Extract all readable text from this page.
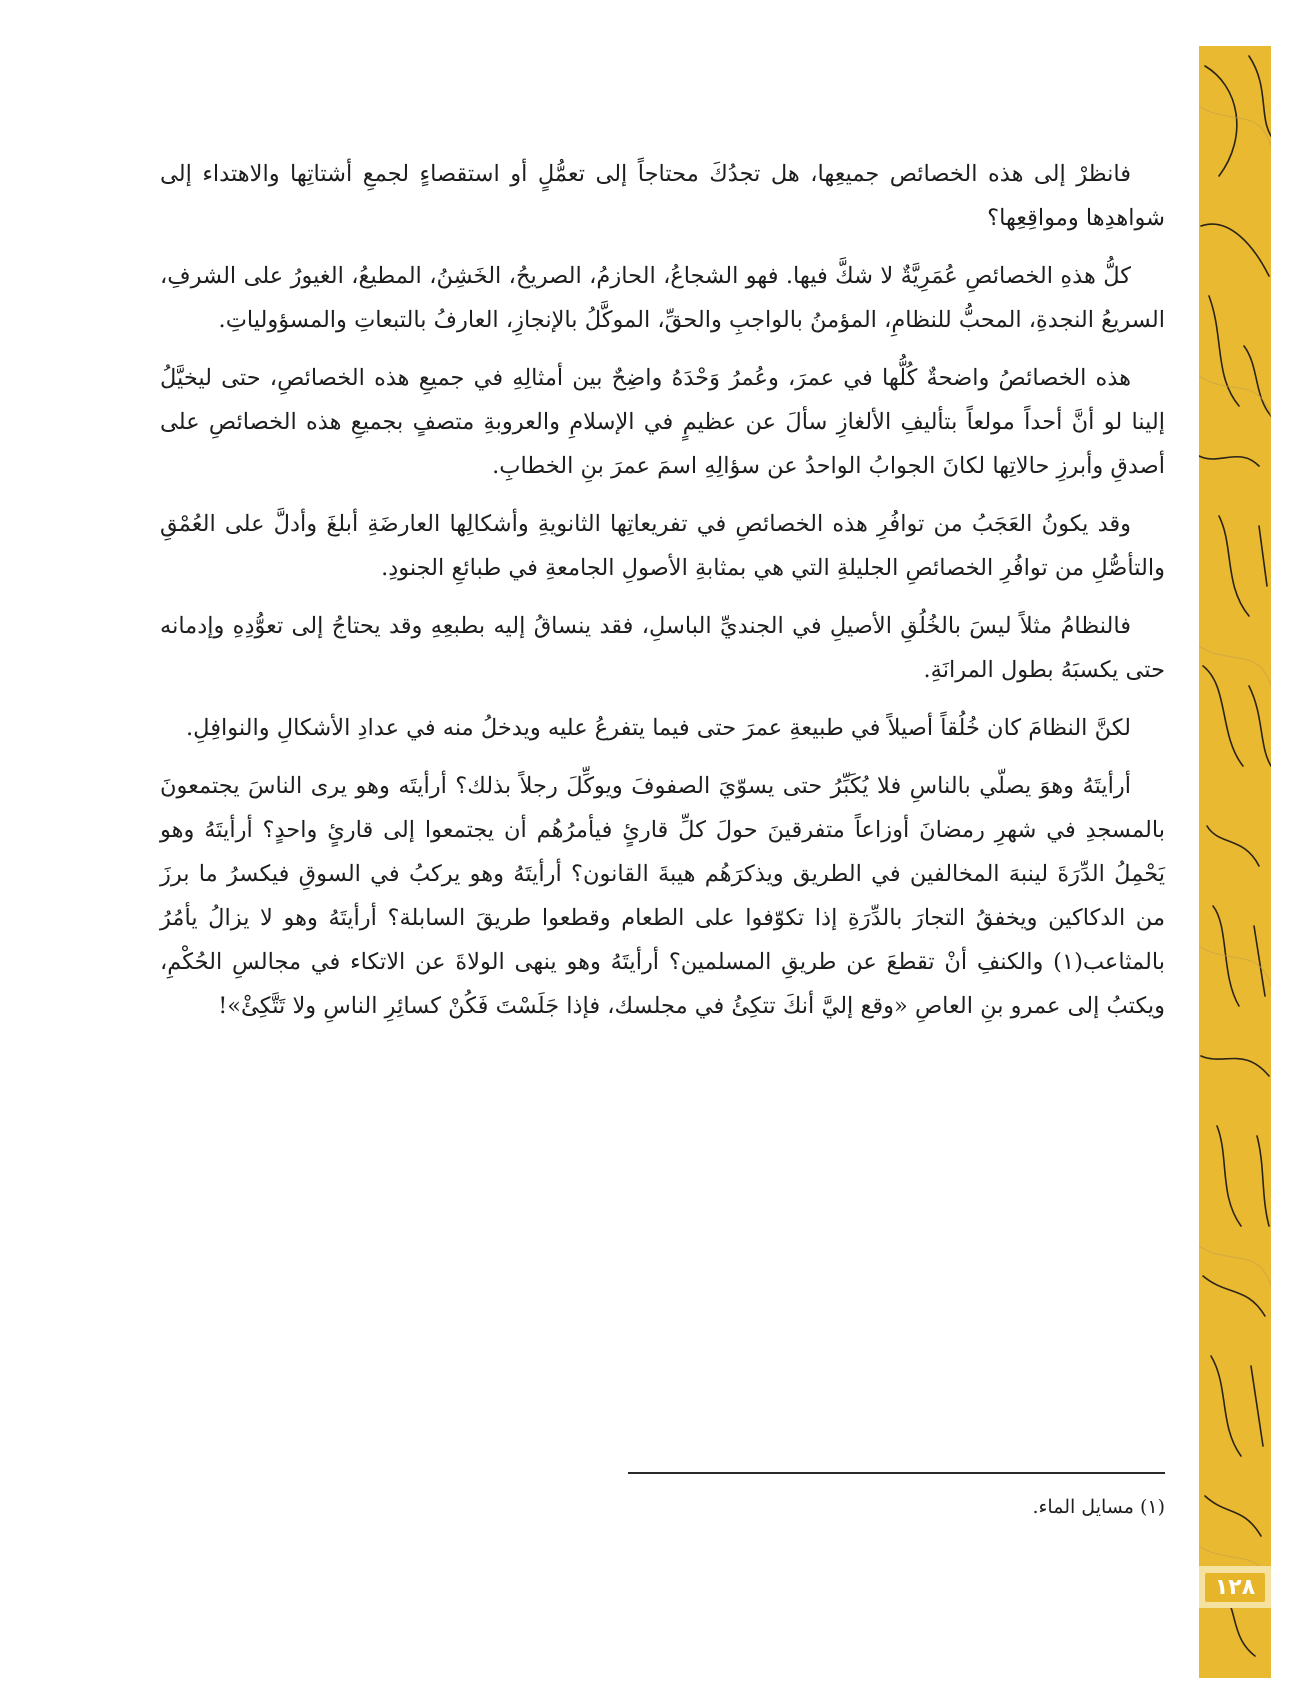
١٢٨

فانظرْ إلى هذه الخصائص جميعِها، هل تجدُكَ محتاجاً إلى تعمُّلٍ أو استقصاءٍ لجمعِ أشتاتِها والاهتداء إلى شواهدِها ومواقِعِها؟

كلُّ هذهِ الخصائصِ عُمَرِيَّةٌ لا شكَّ فيها. فهو الشجاعُ، الحازمُ، الصريحُ، الخَشِنُ، المطيعُ، الغيورُ على الشرفِ، السريعُ النجدةِ، المحبُّ للنظامِ، المؤمنُ بالواجبِ والحقِّ، الموكَّلُ بالإنجازِ، العارفُ بالتبعاتِ والمسؤولياتِ.

هذه الخصائصُ واضحةٌ كُلُّها في عمرَ، وعُمرُ وَحْدَهُ واضِحٌ بين أمثالِهِ في جميعِ هذه الخصائصِ، حتى ليخيَّلُ إلينا لو أنَّ أحداً مولعاً بتأليفِ الألغازِ سألَ عن عظيمٍ في الإسلامِ والعروبةِ متصفٍ بجميعِ هذه الخصائصِ على أصدقِ وأبرزِ حالاتِها لكانَ الجوابُ الواحدُ عن سؤالِهِ اسمَ عمرَ بنِ الخطابِ.

وقد يكونُ العَجَبُ من توافُرِ هذه الخصائصِ في تفريعاتِها الثانويةِ وأشكالِها العارضَةِ أبلغَ وأدلَّ على العُمْقِ والتأصُّلِ من توافُرِ الخصائصِ الجليلةِ التي هي بمثابةِ الأصولِ الجامعةِ في طبائعِ الجنودِ.

فالنظامُ مثلاً ليسَ بالخُلُقِ الأصيلِ في الجنديِّ الباسلِ، فقد ينساقُ إليه بطبعِهِ وقد يحتاجُ إلى تعوُّدِهِ وإدمانه حتى يكسبَهُ بطول المرانَةِ.

لكنَّ النظامَ كان خُلُقاً أصيلاً في طبيعةِ عمرَ حتى فيما يتفرعُ عليه ويدخلُ منه في عدادِ الأشكالِ والنوافِلِ.

أرأيتَهُ وهوَ يصلّي بالناسِ فلا يُكَبِّرُ حتى يسوّيَ الصفوفَ ويوكِّلَ رجلاً بذلك؟ أرأيتَه وهو يرى الناسَ يجتمعونَ بالمسجدِ في شهرِ رمضانَ أوزاعاً متفرقينَ حولَ كلِّ قارئٍ فيأمرُهُم أن يجتمعوا إلى قارئٍ واحدٍ؟ أرأيتَهُ وهو يَحْمِلُ الدِّرَةَ لينبهَ المخالفين في الطريق ويذكرَهُم هيبةَ القانون؟ أرأيتَهُ وهو يركبُ في السوقِ فيكسرُ ما برزَ من الدكاكين ويخفقُ التجارَ بالدِّرَةِ إذا تكوّفوا على الطعام وقطعوا طريقَ السابلة؟ أرأيتَهُ وهو لا يزالُ يأمُرُ بالمثاعب(١) والكنفِ أنْ تقطعَ عن طريقِ المسلمين؟ أرأيتَهُ وهو ينهى الولاةَ عن الاتكاء في مجالسِ الحُكْمِ، ويكتبُ إلى عمرو بنِ العاصِ «وقع إليَّ أنكَ تتكِئُ في مجلسك، فإذا جَلَسْتَ فَكُنْ كسائِرِ الناسِ ولا تَتَّكِئْ»!

(١) مسايل الماء.
